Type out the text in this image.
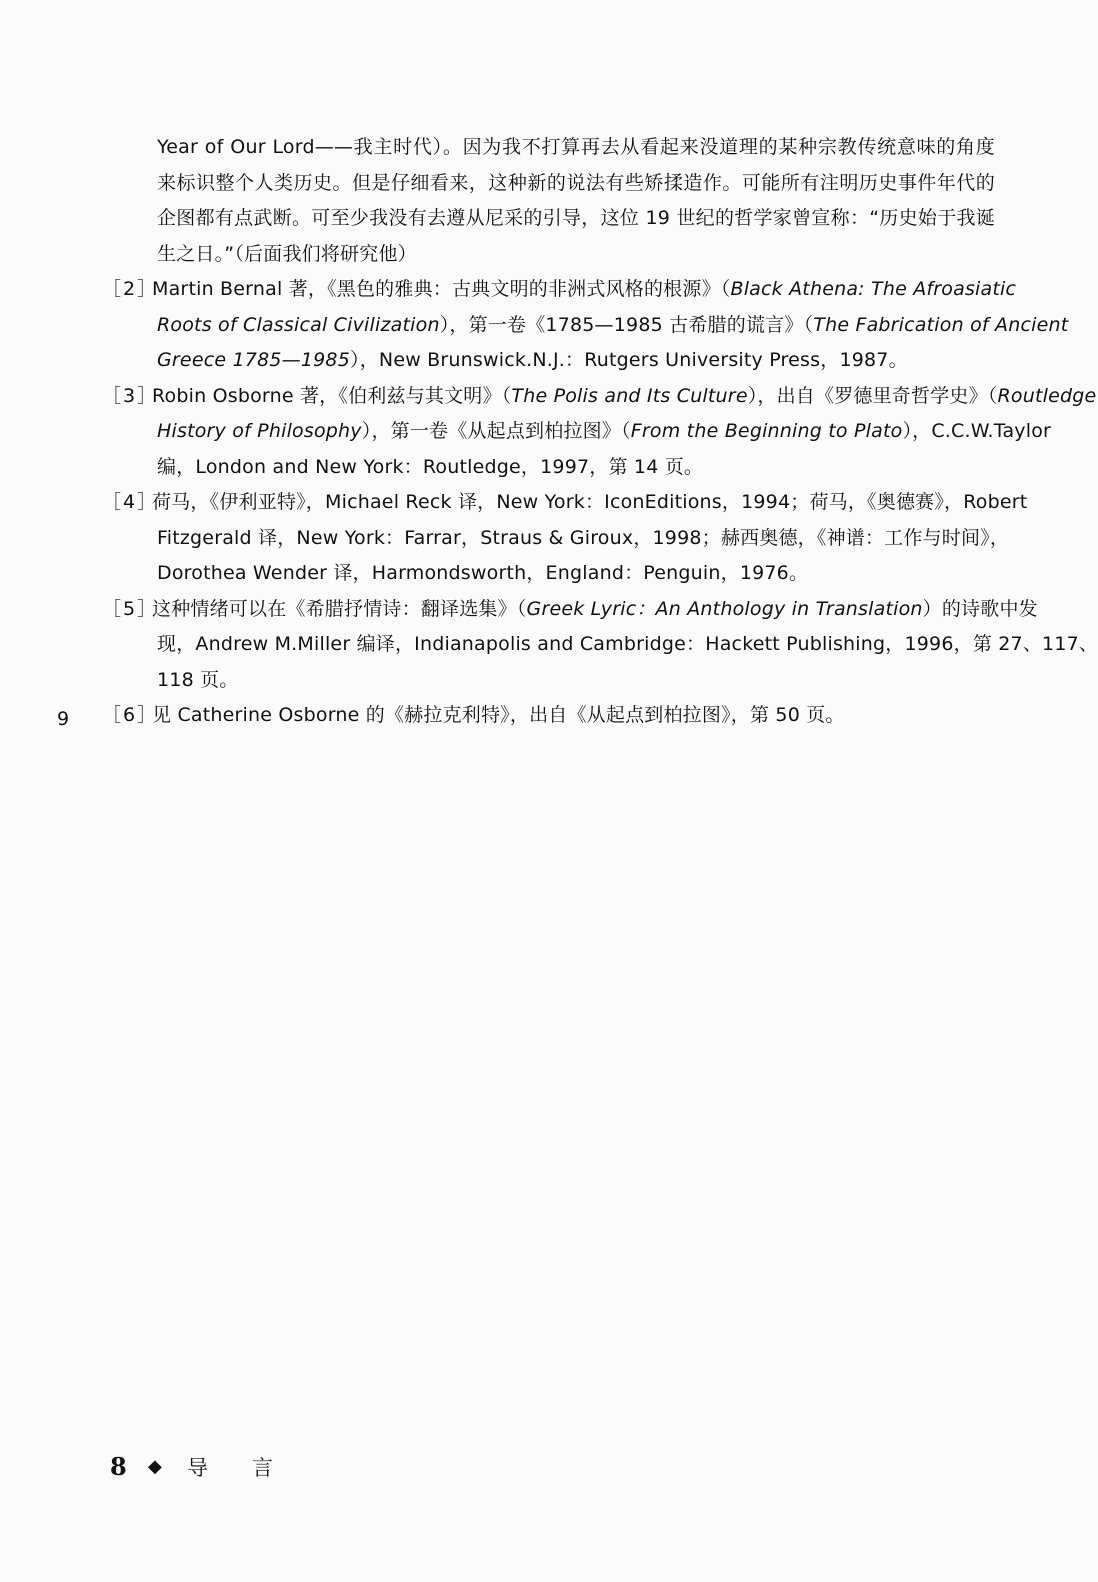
Year of Our Lord——我主时代）。因为我不打算再去从看起来没道理的某种宗教传统意味的角度
来标识整个人类历史。但是仔细看来，这种新的说法有些矫揉造作。可能所有注明历史事件年代的
企图都有点武断。可至少我没有去遵从尼采的引导，这位 19 世纪的哲学家曾宣称：“历史始于我诞
生之日。”（后面我们将研究他）
［2］Martin Bernal 著，《黑色的雅典：古典文明的非洲式风格的根源》（Black Athena: The Afroasiatic
Roots of Classical Civilization），第一卷《1785—1985 古希腊的谎言》（The Fabrication of Ancient
Greece 1785—1985），New Brunswick.N.J.：Rutgers University Press，1987。
［3］Robin Osborne 著，《伯利兹与其文明》（The Polis and Its Culture），出自《罗德里奇哲学史》（Routledge
History of Philosophy），第一卷《从起点到柏拉图》（From the Beginning to Plato），C.C.W.Taylor
编，London and New York：Routledge，1997，第 14 页。
［4］荷马，《伊利亚特》，Michael Reck 译，New York：IconEditions，1994；荷马，《奥德赛》，Robert
Fitzgerald 译，New York：Farrar，Straus & Giroux，1998；赫西奥德，《神谱：工作与时间》，
Dorothea Wender 译，Harmondsworth，England：Penguin，1976。
［5］这种情绪可以在《希腊抒情诗：翻译选集》（Greek Lyric：An Anthology in Translation）的诗歌中发
现，Andrew M.Miller 编译，Indianapolis and Cambridge：Hackett Publishing，1996，第 27、117、
118 页。
［6］见 Catherine Osborne 的《赫拉克利特》，出自《从起点到柏拉图》，第 50 页。
9
8 ◆ 导言
